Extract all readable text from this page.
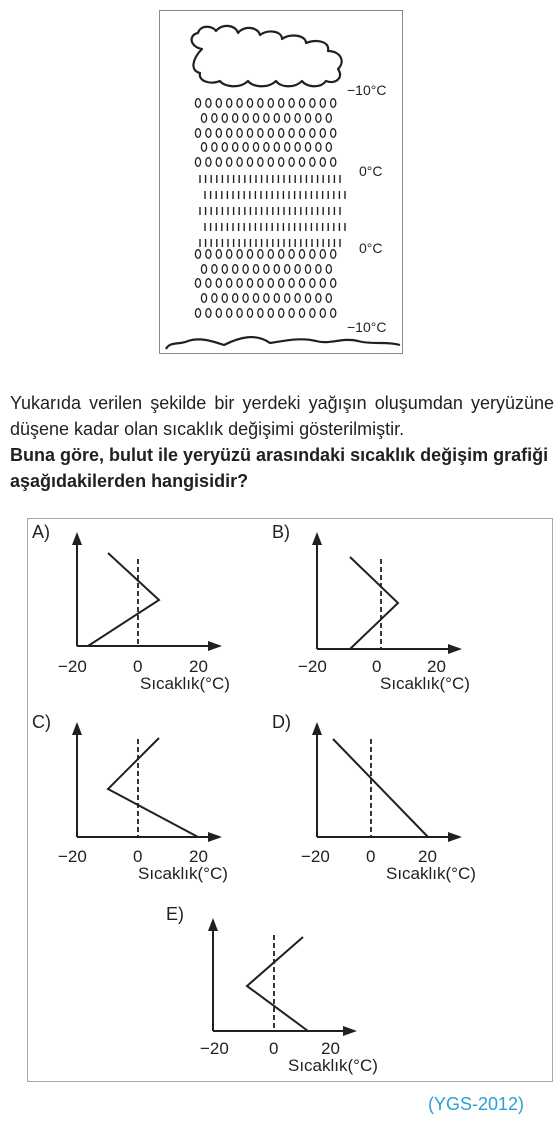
−10°C
0°C
0°C
−10°C
Yukarıda verilen şekilde bir yerdeki yağışın oluşumdan yeryüzüne düşene kadar olan sıcaklık değişimi gösterilmiştir.
Buna göre, bulut ile yeryüzü arasındaki sıcaklık değişim grafiği aşağıdakilerden hangisidir?
A)
−20	0	20
Sıcaklık(°C)
B)
−20	0	20
Sıcaklık(°C)
C)
−20	0	20
Sıcaklık(°C)
D)
−20 0	20
Sıcaklık(°C)
E)
−20 0	20
Sıcaklık(°C)
(YGS-2012)
